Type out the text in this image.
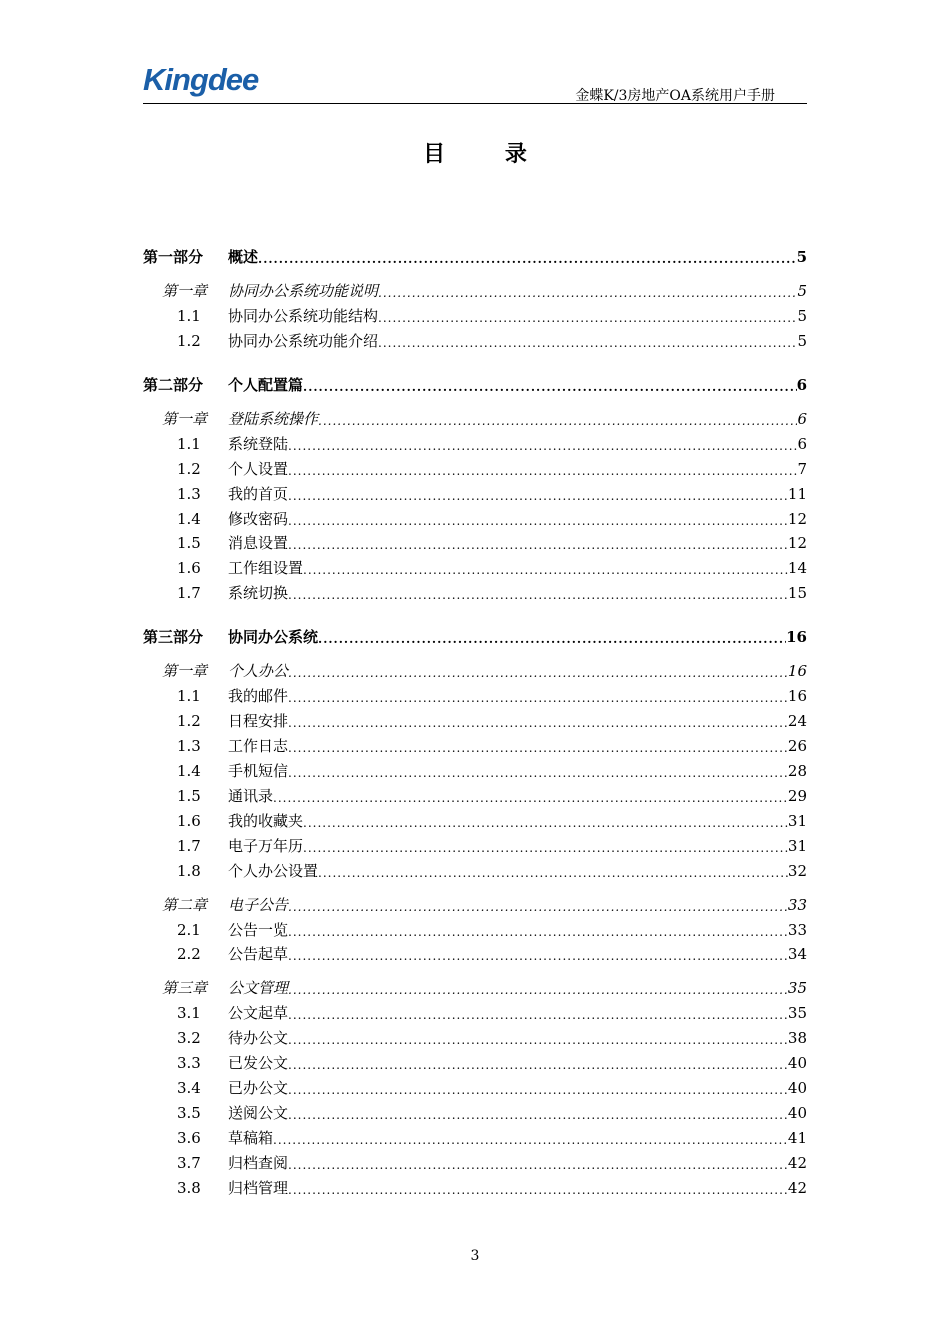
Kingdee	金蝶K/3房地产OA系统用户手册
目 录
第一部分	概述 .....	5
第一章	协同办公系统功能说明 .....	5
1.1	协同办公系统功能结构 .....	5
1.2	协同办公系统功能介绍 .....	5
第二部分	个人配置篇 .....	6
第一章	登陆系统操作 .....	6
1.1	系统登陆 .....	6
1.2	个人设置 .....	7
1.3	我的首页 .....	11
1.4	修改密码 .....	12
1.5	消息设置 .....	12
1.6	工作组设置 .....	14
1.7	系统切换 .....	15
第三部分	协同办公系统 .....	16
第一章	个人办公 .....	16
1.1	我的邮件 .....	16
1.2	日程安排 .....	24
1.3	工作日志 .....	26
1.4	手机短信 .....	28
1.5	通讯录 .....	29
1.6	我的收藏夹 .....	31
1.7	电子万年历 .....	31
1.8	个人办公设置 .....	32
第二章	电子公告 .....	33
2.1	公告一览 .....	33
2.2	公告起草 .....	34
第三章	公文管理 .....	35
3.1	公文起草 .....	35
3.2	待办公文 .....	38
3.3	已发公文 .....	40
3.4	已办公文 .....	40
3.5	送阅公文 .....	40
3.6	草稿箱 .....	41
3.7	归档查阅 .....	42
3.8	归档管理 .....	42
3
